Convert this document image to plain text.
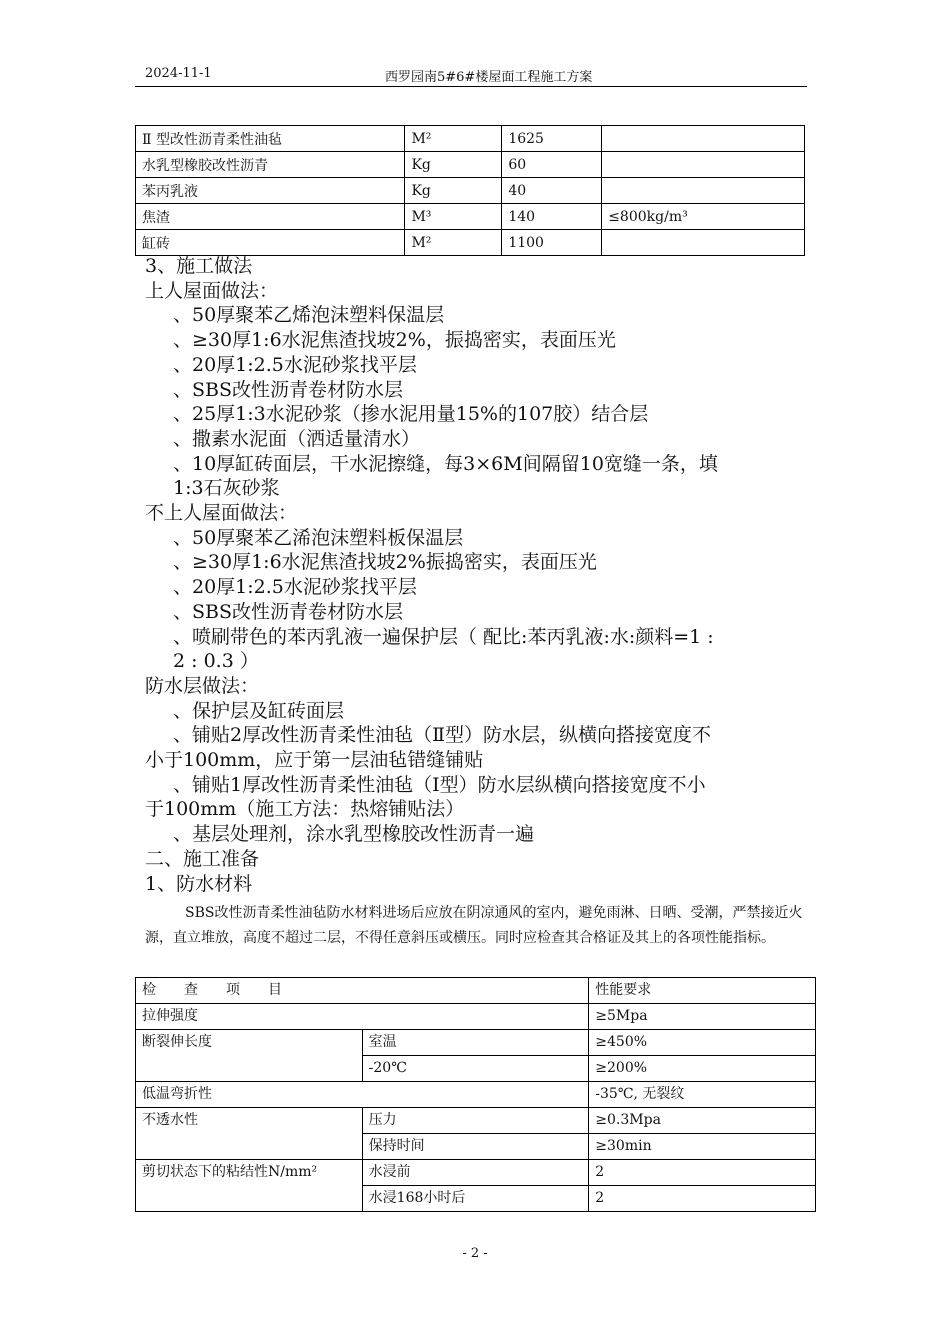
2024-11-1	西罗园南5#6#楼屋面工程施工方案
Ⅱ 型改性沥青柔性油毡	M²	1625	
水乳型橡胶改性沥青	Kg	60	
苯丙乳液	Kg	40	
焦渣	M³	140	≤800kg/m³
缸砖	M²	1100	

3、施工做法

上人屋面做法：

、50厚聚苯乙烯泡沫塑料保温层

、≥30厚1:6水泥焦渣找坡2%，振捣密实，表面压光

、20厚1:2.5水泥砂浆找平层

、SBS改性沥青卷材防水层

、25厚1:3水泥砂浆（掺水泥用量15%的107胶）结合层

、撒素水泥面（洒适量清水）

、10厚缸砖面层，干水泥擦缝，每3×6M间隔留10宽缝一条，填

1:3石灰砂浆

不上人屋面做法：

、50厚聚苯乙浠泡沫塑料板保温层

、≥30厚1:6水泥焦渣找坡2%振捣密实，表面压光

、20厚1:2.5水泥砂浆找平层

、SBS改性沥青卷材防水层

、喷刷带色的苯丙乳液一遍保护层（ 配比:苯丙乳液:水:颜料=1 :

2 : 0.3 ）

防水层做法：

、保护层及缸砖面层

、铺贴2厚改性沥青柔性油毡（Ⅱ型）防水层，纵横向搭接宽度不

小于100mm，应于第一层油毡错缝铺贴

、铺贴1厚改性沥青柔性油毡（Ⅰ型）防水层纵横向搭接宽度不小

于100mm（施工方法：热熔铺贴法）

、基层处理剂，涂水乳型橡胶改性沥青一遍

二、施工准备

1、防水材料

SBS改性沥青柔性油毡防水材料进场后应放在阴凉通风的室内，避免雨淋、日晒、受潮，严禁接近火源，直立堆放，高度不超过二层，不得任意斜压或横压。同时应检查其合格证及其上的各项性能指标。

检　　查　　项　　目		性能要求
拉伸强度		≥5Mpa
断裂伸长度	室温	≥450%
	-20℃	≥200%
低温弯折性		-35℃, 无裂纹
不透水性	压力	≥0.3Mpa
	保持时间	≥30min
剪切状态下的粘结性N/mm²	水浸前	2
	水浸168小时后	2
- 2 -
